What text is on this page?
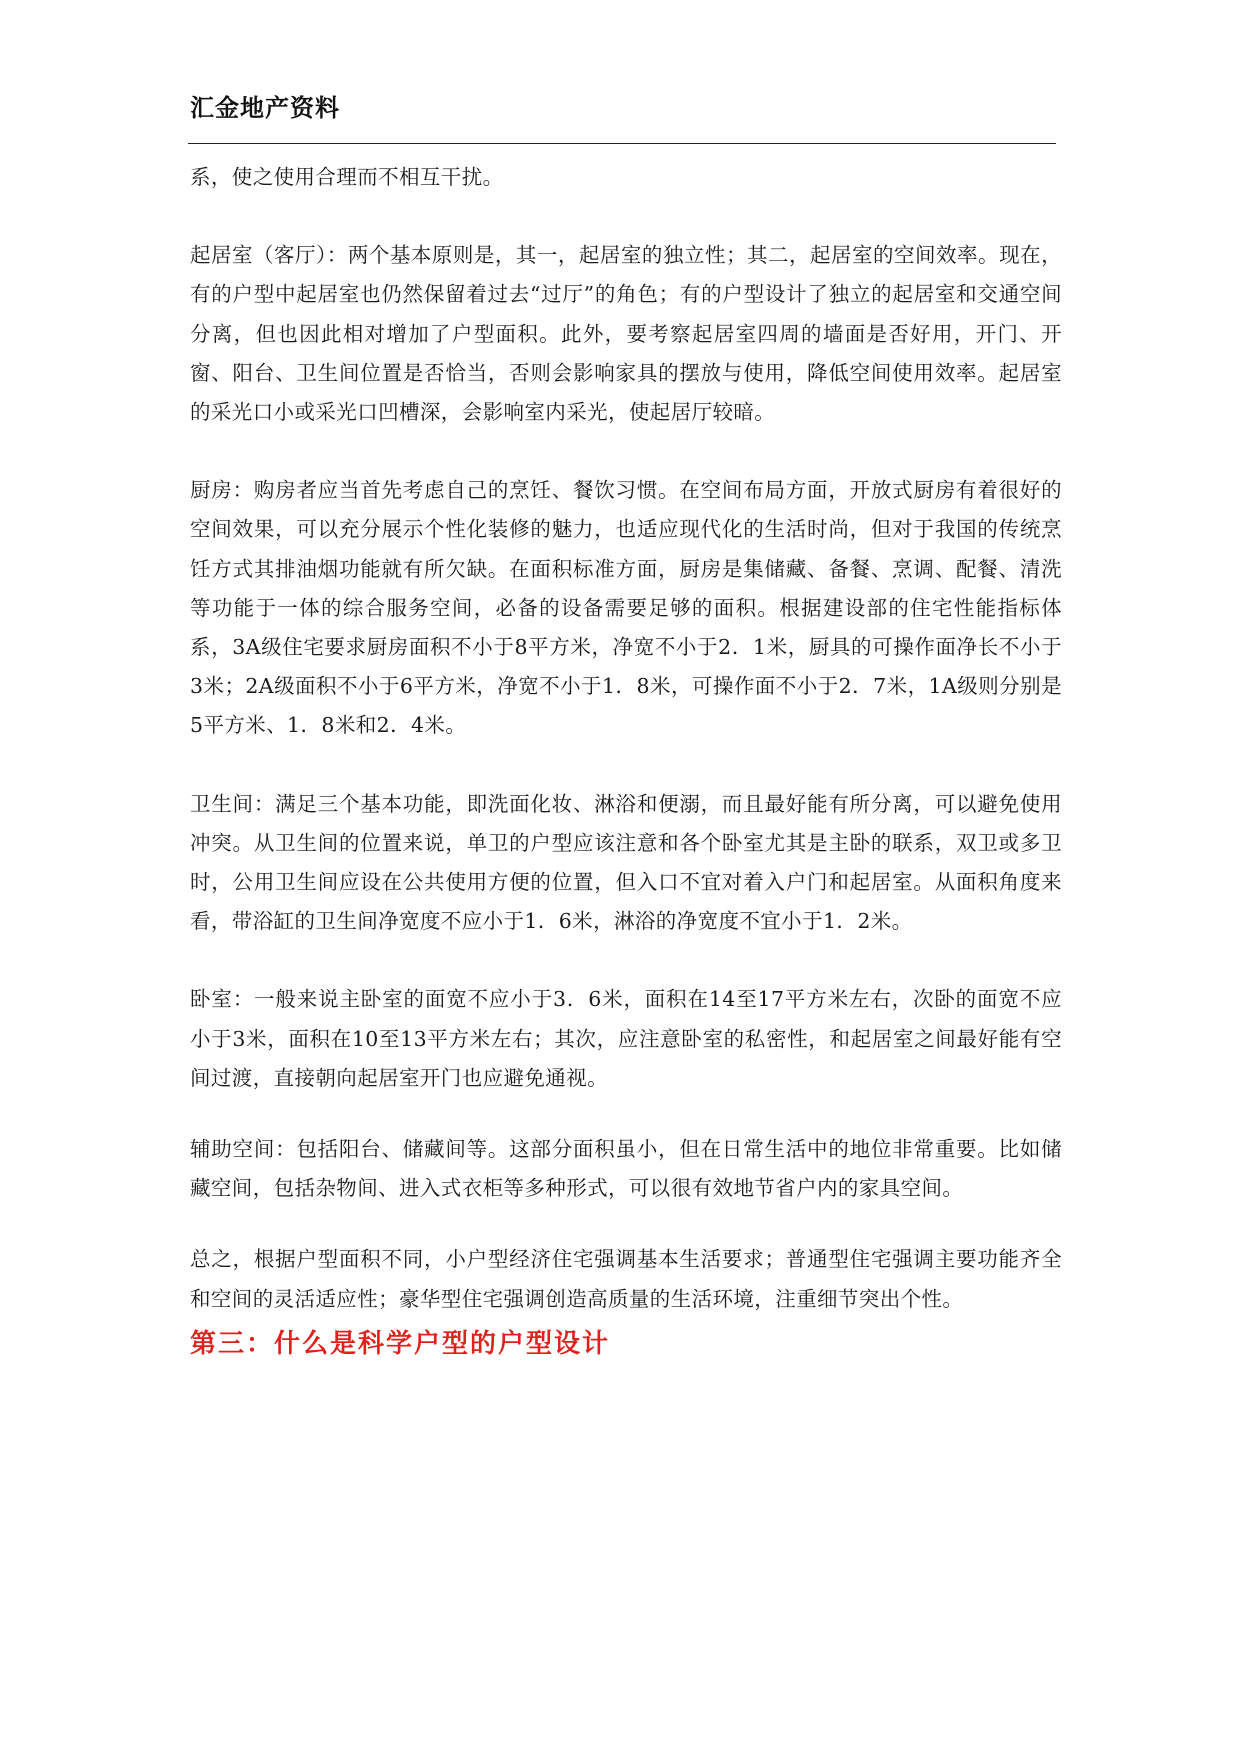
汇金地产资料

系，使之使用合理而不相互干扰。

起居室（客厅）：两个基本原则是，其一，起居室的独立性；其二，起居室的空间效率。现在，有的户型中起居室也仍然保留着过去“过厅”的角色；有的户型设计了独立的起居室和交通空间分离，但也因此相对增加了户型面积。此外，要考察起居室四周的墙面是否好用，开门、开窗、阳台、卫生间位置是否恰当，否则会影响家具的摆放与使用，降低空间使用效率。起居室的采光口小或采光口凹槽深，会影响室内采光，使起居厅较暗。

厨房：购房者应当首先考虑自己的烹饪、餐饮习惯。在空间布局方面，开放式厨房有着很好的空间效果，可以充分展示个性化装修的魅力，也适应现代化的生活时尚，但对于我国的传统烹饪方式其排油烟功能就有所欠缺。在面积标准方面，厨房是集储藏、备餐、烹调、配餐、清洗等功能于一体的综合服务空间，必备的设备需要足够的面积。根据建设部的住宅性能指标体系，3A级住宅要求厨房面积不小于8平方米，净宽不小于2．1米，厨具的可操作面净长不小于3米；2A级面积不小于6平方米，净宽不小于1．8米，可操作面不小于2．7米，1A级则分别是5平方米、1．8米和2．4米。

卫生间：满足三个基本功能，即洗面化妆、淋浴和便溺，而且最好能有所分离，可以避免使用冲突。从卫生间的位置来说，单卫的户型应该注意和各个卧室尤其是主卧的联系，双卫或多卫时，公用卫生间应设在公共使用方便的位置，但入口不宜对着入户门和起居室。从面积角度来看，带浴缸的卫生间净宽度不应小于1．6米，淋浴的净宽度不宜小于1．2米。

卧室：一般来说主卧室的面宽不应小于3．6米，面积在14至17平方米左右，次卧的面宽不应小于3米，面积在10至13平方米左右；其次，应注意卧室的私密性，和起居室之间最好能有空间过渡，直接朝向起居室开门也应避免通视。

辅助空间：包括阳台、储藏间等。这部分面积虽小，但在日常生活中的地位非常重要。比如储藏空间，包括杂物间、进入式衣柜等多种形式，可以很有效地节省户内的家具空间。

总之，根据户型面积不同，小户型经济住宅强调基本生活要求；普通型住宅强调主要功能齐全和空间的灵活适应性；豪华型住宅强调创造高质量的生活环境，注重细节突出个性。

第三：什么是科学户型的户型设计
